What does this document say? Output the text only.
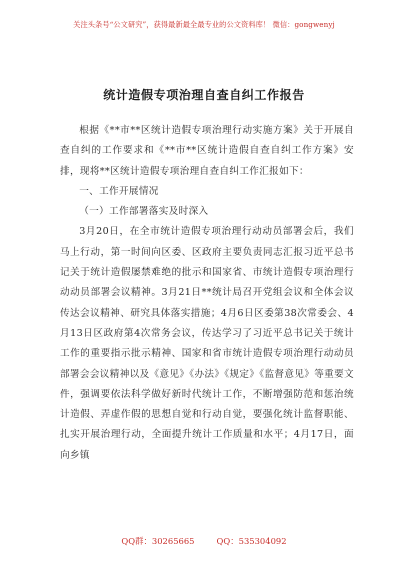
关注头条号“公文研究”，获得最新最全最专业的公文资料库！ 微信：gongwenyj
统计造假专项治理自查自纠工作报告

根据《**市**区统计造假专项治理行动实施方案》关于开展自查自纠的工作要求和《**市**区统计造假自查自纠工作方案》安排，现将**区统计造假专项治理自查自纠工作汇报如下：

一、工作开展情况

（一）工作部署落实及时深入

3月20日，在全市统计造假专项治理行动动员部署会后，我们马上行动，第一时间向区委、区政府主要负责同志汇报习近平总书记关于统计造假屡禁难绝的批示和国家省、市统计造假专项治理行动动员部署会议精神。3月21日**统计局召开党组会议和全体会议传达会议精神、研究具体落实措施；4月6日区委第38次常委会、4月13日区政府第4次常务会议，传达学习了习近平总书记关于统计工作的重要指示批示精神、国家和省市统计造假专项治理行动动员部署会会议精神以及《意见》《办法》《规定》《监督意见》等重要文件，强调要依法科学做好新时代统计工作，不断增强防范和惩治统计造假、弄虚作假的思想自觉和行动自觉，要强化统计监督职能、扎实开展治理行动，全面提升统计工作质量和水平；4月17日，面向乡镇

QQ群：30265665	QQ：535304092
